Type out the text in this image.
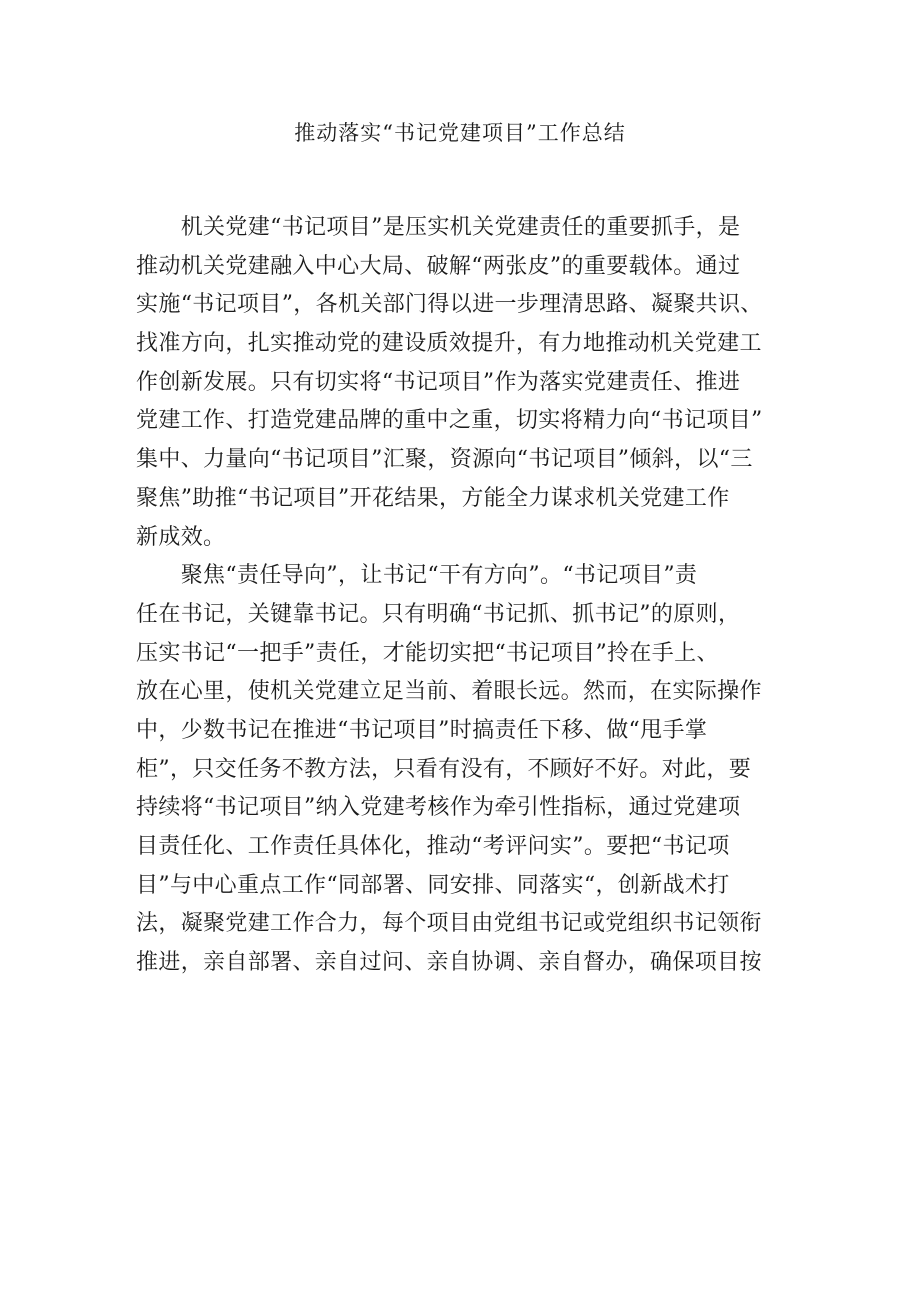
推动落实“书记党建项目”工作总结
　　机关党建“书记项目”是压实机关党建责任的重要抓手，是
推动机关党建融入中心大局、破解“两张皮”的重要载体。通过
实施“书记项目”，各机关部门得以进一步理清思路、凝聚共识、
找准方向，扎实推动党的建设质效提升，有力地推动机关党建工
作创新发展。只有切实将“书记项目”作为落实党建责任、推进
党建工作、打造党建品牌的重中之重，切实将精力向“书记项目”
集中、力量向“书记项目”汇聚，资源向“书记项目”倾斜，以“三
聚焦”助推“书记项目”开花结果，方能全力谋求机关党建工作
新成效。
　　聚焦“责任导向”，让书记“干有方向”。“书记项目”责
任在书记，关键靠书记。只有明确“书记抓、抓书记”的原则，
压实书记“一把手”责任，才能切实把“书记项目”拎在手上、
放在心里，使机关党建立足当前、着眼长远。然而，在实际操作
中，少数书记在推进“书记项目”时搞责任下移、做“甩手掌
柜”，只交任务不教方法，只看有没有，不顾好不好。对此，要
持续将“书记项目”纳入党建考核作为牵引性指标，通过党建项
目责任化、工作责任具体化，推动“考评问实”。要把“书记项
目”与中心重点工作“同部署、同安排、同落实“，创新战术打
法，凝聚党建工作合力，每个项目由党组书记或党组织书记领衔
推进，亲自部署、亲自过问、亲自协调、亲自督办，确保项目按
